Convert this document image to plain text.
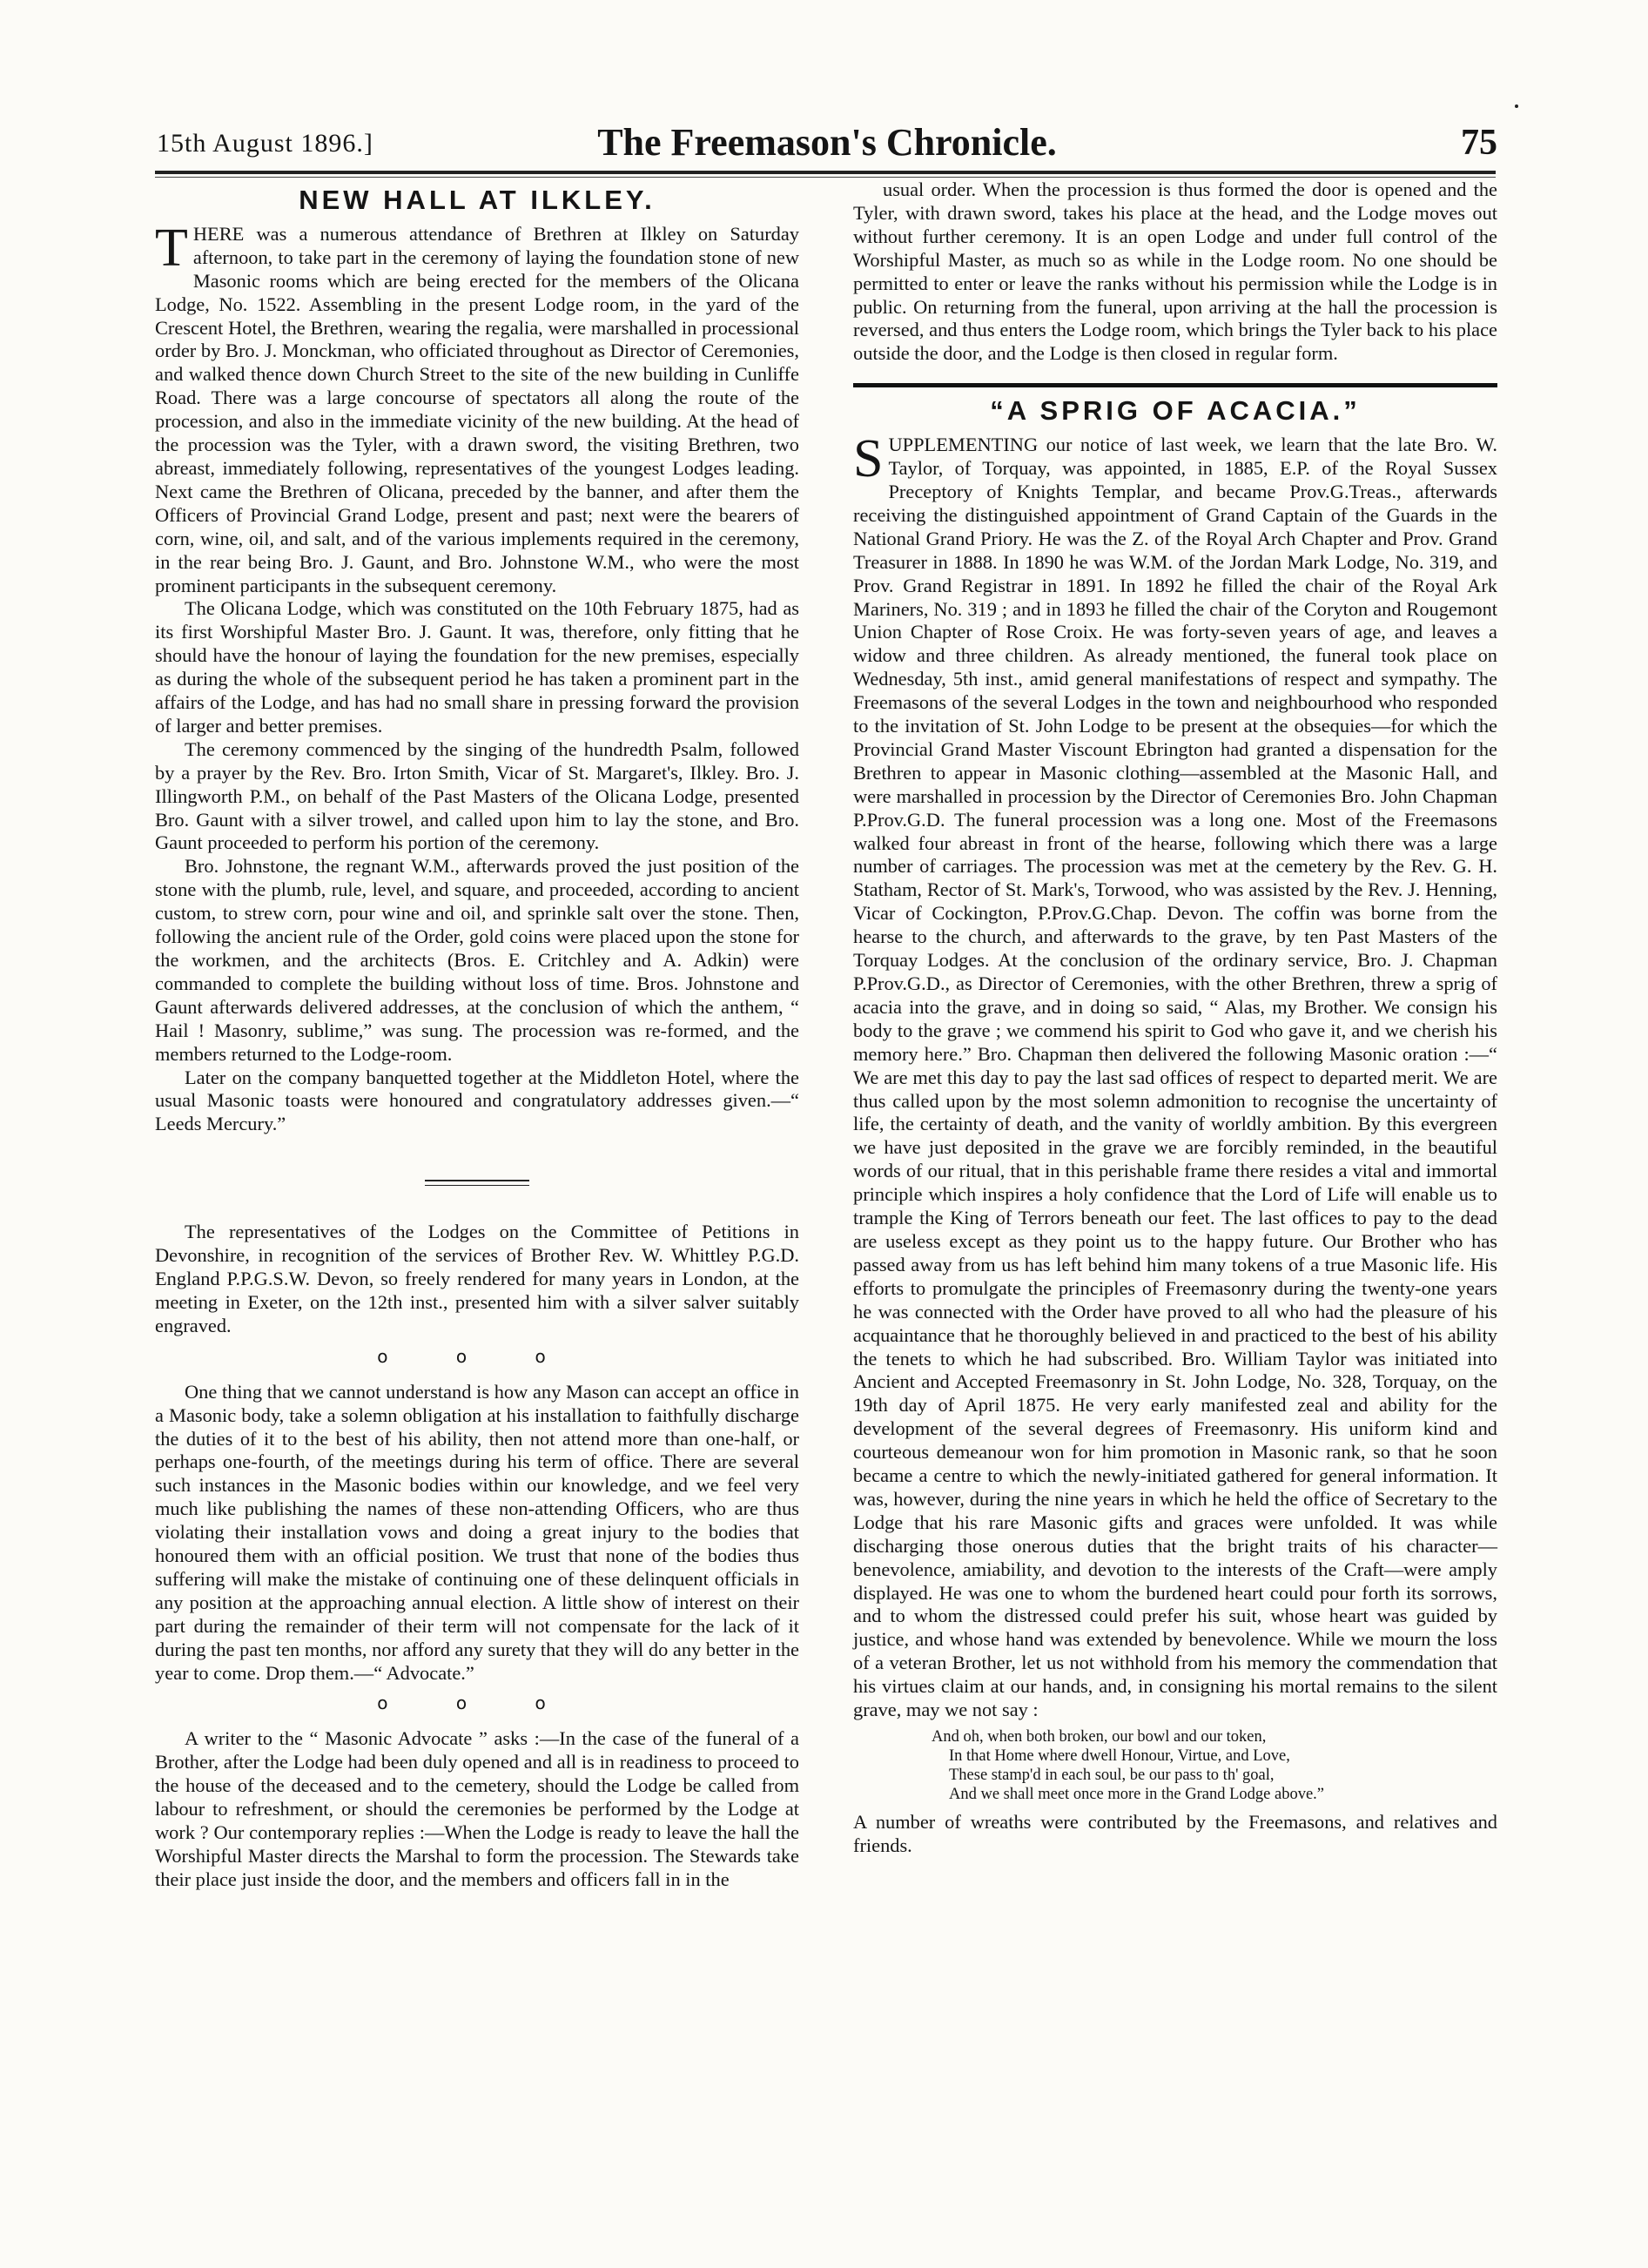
15th August 1896.]	The Freemason's Chronicle.	75
NEW HALL AT ILKLEY.

THERE was a numerous attendance of Brethren at Ilkley on Saturday afternoon, to take part in the ceremony of laying the foundation stone of new Masonic rooms which are being erected for the members of the Olicana Lodge, No. 1522. Assembling in the present Lodge room, in the yard of the Crescent Hotel, the Brethren, wearing the regalia, were marshalled in processional order by Bro. J. Monckman, who officiated throughout as Director of Ceremonies, and walked thence down Church Street to the site of the new building in Cunliffe Road. There was a large concourse of spectators all along the route of the procession, and also in the immediate vicinity of the new building. At the head of the procession was the Tyler, with a drawn sword, the visiting Brethren, two abreast, immediately following, representatives of the youngest Lodges leading. Next came the Brethren of Olicana, preceded by the banner, and after them the Officers of Provincial Grand Lodge, present and past; next were the bearers of corn, wine, oil, and salt, and of the various implements required in the ceremony, in the rear being Bro. J. Gaunt, and Bro. Johnstone W.M., who were the most prominent participants in the subsequent ceremony.

The Olicana Lodge, which was constituted on the 10th February 1875, had as its first Worshipful Master Bro. J. Gaunt. It was, therefore, only fitting that he should have the honour of laying the foundation for the new premises, especially as during the whole of the subsequent period he has taken a prominent part in the affairs of the Lodge, and has had no small share in pressing forward the provision of larger and better premises.

The ceremony commenced by the singing of the hundredth Psalm, followed by a prayer by the Rev. Bro. Irton Smith, Vicar of St. Margaret's, Ilkley. Bro. J. Illingworth P.M., on behalf of the Past Masters of the Olicana Lodge, presented Bro. Gaunt with a silver trowel, and called upon him to lay the stone, and Bro. Gaunt proceeded to perform his portion of the ceremony.

Bro. Johnstone, the regnant W.M., afterwards proved the just position of the stone with the plumb, rule, level, and square, and proceeded, according to ancient custom, to strew corn, pour wine and oil, and sprinkle salt over the stone. Then, following the ancient rule of the Order, gold coins were placed upon the stone for the workmen, and the architects (Bros. E. Critchley and A. Adkin) were commanded to complete the building without loss of time. Bros. Johnstone and Gaunt afterwards delivered addresses, at the conclusion of which the anthem, “ Hail ! Masonry, sublime,” was sung. The procession was re-formed, and the members returned to the Lodge-room.

Later on the company banquetted together at the Middleton Hotel, where the usual Masonic toasts were honoured and congratulatory addresses given.—“ Leeds Mercury.”

The representatives of the Lodges on the Committee of Petitions in Devonshire, in recognition of the services of Brother Rev. W. Whittley P.G.D. England P.P.G.S.W. Devon, so freely rendered for many years in London, at the meeting in Exeter, on the 12th inst., presented him with a silver salver suitably engraved.

o o o

One thing that we cannot understand is how any Mason can accept an office in a Masonic body, take a solemn obligation at his installation to faithfully discharge the duties of it to the best of his ability, then not attend more than one-half, or perhaps one-fourth, of the meetings during his term of office. There are several such instances in the Masonic bodies within our knowledge, and we feel very much like publishing the names of these non-attending Officers, who are thus violating their installation vows and doing a great injury to the bodies that honoured them with an official position. We trust that none of the bodies thus suffering will make the mistake of continuing one of these delinquent officials in any position at the approaching annual election. A little show of interest on their part during the remainder of their term will not compensate for the lack of it during the past ten months, nor afford any surety that they will do any better in the year to come. Drop them.—“ Advocate.”

o o o

A writer to the “ Masonic Advocate ” asks :—In the case of the funeral of a Brother, after the Lodge had been duly opened and all is in readiness to proceed to the house of the deceased and to the cemetery, should the Lodge be called from labour to refreshment, or should the ceremonies be performed by the Lodge at work ? Our contemporary replies :—When the Lodge is ready to leave the hall the Worshipful Master directs the Marshal to form the procession. The Stewards take their place just inside the door, and the members and officers fall in in the

usual order. When the procession is thus formed the door is opened and the Tyler, with drawn sword, takes his place at the head, and the Lodge moves out without further ceremony. It is an open Lodge and under full control of the Worshipful Master, as much so as while in the Lodge room. No one should be permitted to enter or leave the ranks without his permission while the Lodge is in public. On returning from the funeral, upon arriving at the hall the procession is reversed, and thus enters the Lodge room, which brings the Tyler back to his place outside the door, and the Lodge is then closed in regular form.

“A SPRIG OF ACACIA.”

SUPPLEMENTING our notice of last week, we learn that the late Bro. W. Taylor, of Torquay, was appointed, in 1885, E.P. of the Royal Sussex Preceptory of Knights Templar, and became Prov.G.Treas., afterwards receiving the distinguished appointment of Grand Captain of the Guards in the National Grand Priory. He was the Z. of the Royal Arch Chapter and Prov. Grand Treasurer in 1888. In 1890 he was W.M. of the Jordan Mark Lodge, No. 319, and Prov. Grand Registrar in 1891. In 1892 he filled the chair of the Royal Ark Mariners, No. 319 ; and in 1893 he filled the chair of the Coryton and Rougemont Union Chapter of Rose Croix. He was forty-seven years of age, and leaves a widow and three children. As already mentioned, the funeral took place on Wednesday, 5th inst., amid general manifestations of respect and sympathy. The Freemasons of the several Lodges in the town and neighbourhood who responded to the invitation of St. John Lodge to be present at the obsequies—for which the Provincial Grand Master Viscount Ebrington had granted a dispensation for the Brethren to appear in Masonic clothing—assembled at the Masonic Hall, and were marshalled in procession by the Director of Ceremonies Bro. John Chapman P.Prov.G.D. The funeral procession was a long one. Most of the Freemasons walked four abreast in front of the hearse, following which there was a large number of carriages. The procession was met at the cemetery by the Rev. G. H. Statham, Rector of St. Mark's, Torwood, who was assisted by the Rev. J. Henning, Vicar of Cockington, P.Prov.G.Chap. Devon. The coffin was borne from the hearse to the church, and afterwards to the grave, by ten Past Masters of the Torquay Lodges. At the conclusion of the ordinary service, Bro. J. Chapman P.Prov.G.D., as Director of Ceremonies, with the other Brethren, threw a sprig of acacia into the grave, and in doing so said, “ Alas, my Brother. We consign his body to the grave ; we commend his spirit to God who gave it, and we cherish his memory here.” Bro. Chapman then delivered the following Masonic oration :—“ We are met this day to pay the last sad offices of respect to departed merit. We are thus called upon by the most solemn admonition to recognise the uncertainty of life, the certainty of death, and the vanity of worldly ambition. By this evergreen we have just deposited in the grave we are forcibly reminded, in the beautiful words of our ritual, that in this perishable frame there resides a vital and immortal principle which inspires a holy confidence that the Lord of Life will enable us to trample the King of Terrors beneath our feet. The last offices to pay to the dead are useless except as they point us to the happy future. Our Brother who has passed away from us has left behind him many tokens of a true Masonic life. His efforts to promulgate the principles of Freemasonry during the twenty-one years he was connected with the Order have proved to all who had the pleasure of his acquaintance that he thoroughly believed in and practiced to the best of his ability the tenets to which he had subscribed. Bro. William Taylor was initiated into Ancient and Accepted Freemasonry in St. John Lodge, No. 328, Torquay, on the 19th day of April 1875. He very early manifested zeal and ability for the development of the several degrees of Freemasonry. His uniform kind and courteous demeanour won for him promotion in Masonic rank, so that he soon became a centre to which the newly-initiated gathered for general information. It was, however, during the nine years in which he held the office of Secretary to the Lodge that his rare Masonic gifts and graces were unfolded. It was while discharging those onerous duties that the bright traits of his character—benevolence, amiability, and devotion to the interests of the Craft—were amply displayed. He was one to whom the burdened heart could pour forth its sorrows, and to whom the distressed could prefer his suit, whose heart was guided by justice, and whose hand was extended by benevolence. While we mourn the loss of a veteran Brother, let us not withhold from his memory the commendation that his virtues claim at our hands, and, in consigning his mortal remains to the silent grave, may we not say :

And oh, when both broken, our bowl and our token,
In that Home where dwell Honour, Virtue, and Love,
These stamp'd in each soul, be our pass to th' goal,
And we shall meet once more in the Grand Lodge above.”

A number of wreaths were contributed by the Freemasons, and relatives and friends.
